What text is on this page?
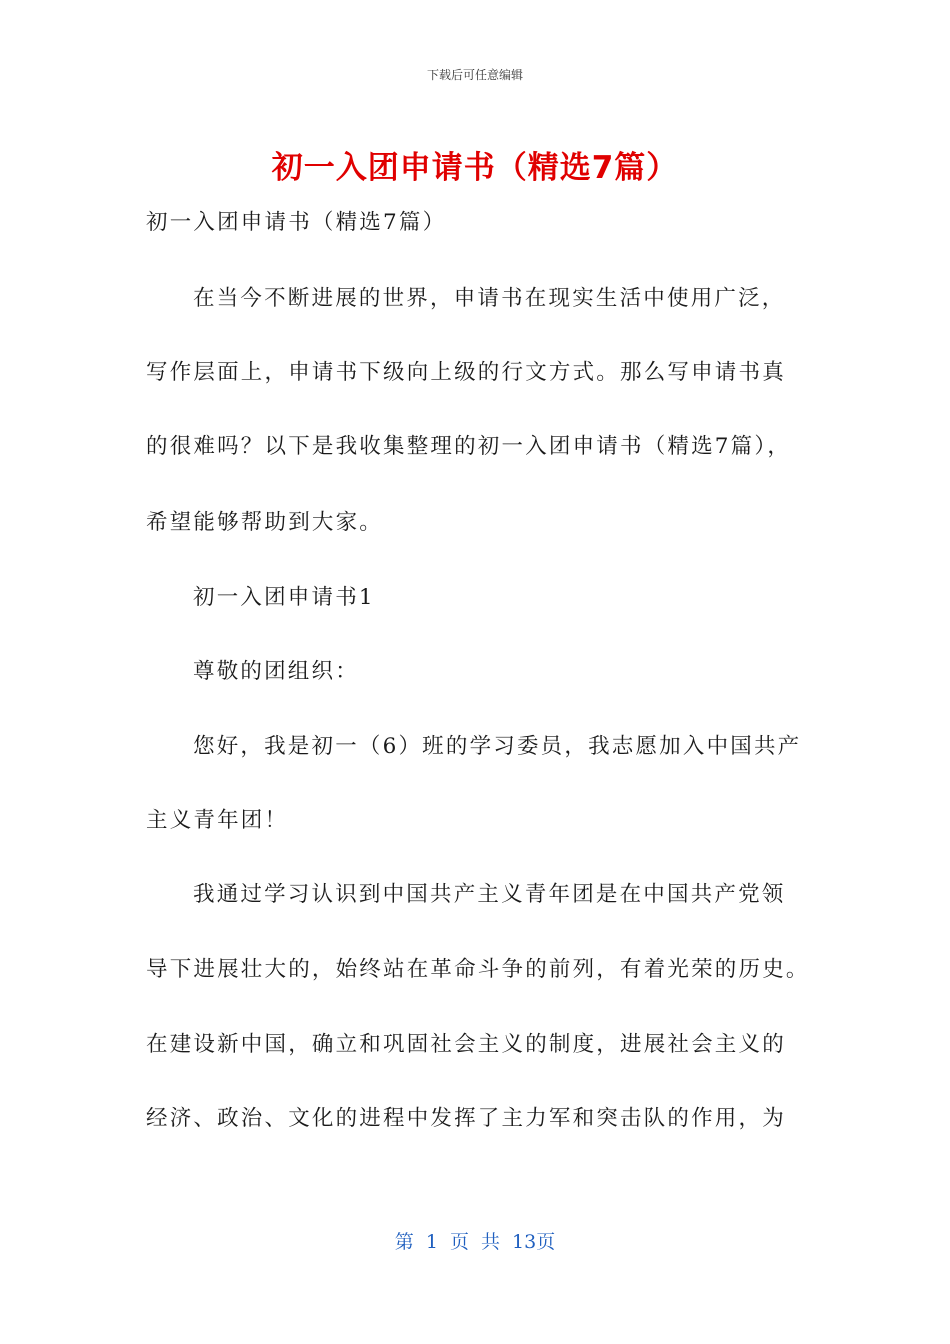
下载后可任意编辑
初一入团申请书（精选7篇）
初一入团申请书（精选7篇）
在当今不断进展的世界，申请书在现实生活中使用广泛，
写作层面上，申请书下级向上级的行文方式。那么写申请书真
的很难吗？以下是我收集整理的初一入团申请书（精选7篇），
希望能够帮助到大家。
初一入团申请书1
尊敬的团组织：
您好，我是初一（6）班的学习委员，我志愿加入中国共产
主义青年团！
我通过学习认识到中国共产主义青年团是在中国共产党领
导下进展壮大的，始终站在革命斗争的前列，有着光荣的历史。
在建设新中国，确立和巩固社会主义的制度，进展社会主义的
经济、政治、文化的进程中发挥了主力军和突击队的作用，为
第 1 页 共 13页
